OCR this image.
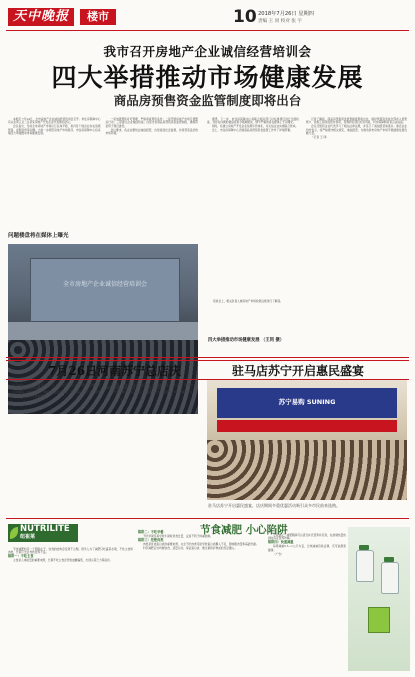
天中晚报	楼市	10 2018年7月26日 星期四
责编 王 同 校对 张 宇
我市召开房地产企业诚信经营培训会
四大举措推动市场健康发展
商品房预售资金监管制度即将出台

本报讯 7月24日，全市房地产企业诚信经营培训会召开。市住房保障中心有关负责人及二百余家房地产开发企业代表参加会议。

会议指出，当前全市房地产市场运行总体平稳，但仍有个别企业存在违规预售、虚假宣传等问题。为进一步规范房地产市场秩序，市住房保障中心将采取四大举措推动市场健康发展。

一是加强预售许可管理，严格审查预售条件；二是开展房地产市场专项整治行动；三是建立企业诚信档案；四是出台商品房预售资金监管制度，确保资金用于项目建设。

会议要求，各企业要依法诚信经营，自觉接受社会监督，共同营造良好的市场环境。

问题楼盘将在媒体上曝光

据悉，下一步，市住房保障中心将联合相关部门对在建项目进行全面检查，对存在问题的楼盘将责令限期整改，情节严重的将在媒体上予以曝光。

同时，将建立房地产开发企业信用评价体系，对失信企业实施联合惩戒。

会上，市住房保障中心还就商品房预售资金监管工作作了详细部署。

记者了解到，商品房预售资金监管制度即将出台，届时预售资金将全部存入监管账户，按照工程进度拨付使用，有效防范项目烂尾风险，切实保障购房者合法权益。

会议还组织企业代表学习了相关法律法规，并签订了诚信经营承诺书。参会企业纷纷表示，将严格遵守相关规定，诚信经营，为推动我市房地产市场平稳健康发展贡献力量。

（记者 王 同）

全市房地产企业诚信经营培训会

培训会上，相关负责人就房地产市场政策法规进行了解读。

四大举措推动市场健康发展 （王同 摄）
7月26日河南苏宁总店庆	驻马店苏宁开启惠民盛宴

7月26日—29日，河南苏宁总店庆，驻马店苏宁各门店将同步开启惠民盛宴，多重优惠福利让利消费者。

活动期间，家电、手机、电脑等商品全场优惠，部分商品直降千元。消费者到店即可领取店庆专属优惠券。

据介绍，此次店庆活动力度空前，苏宁易购将联合各大品牌厂商推出一系列特价商品，并提供送货上门、免费安装等服务。

苏宁易购相关负责人表示，希望通过此次活动回馈广大消费者的支持与厚爱。

（记者 王 同）	苏宁易购 SUNING
驻马店苏宁开启惠民盛宴，店庆期间多重优惠活动吸引众多市民前来选购。
NUTRILITE
纽崔莱
节食减肥 小心陷阱

节食减肥的另一个陷阱在于，饮食的结构会变得不合理。很多人为了减肥只吃蔬菜水果，不吃主食和肉类，长期下去会导致营养不良。

陷阱一：不吃主食

主食是人体能量的重要来源，长期不吃主食会导致血糖偏低，出现头晕乏力等症状。

陷阱二：不吃早餐

不吃早餐容易导致午餐时进食过量，反而不利于体重控制。

陷阱三：拒绝肉类

肉类是优质蛋白质的重要来源，完全不吃肉类可能导致蛋白质摄入不足，影响肌肉量和基础代谢。

科学减肥应该均衡饮食、适量运动，保证蛋白质、维生素和矿物质的充足摄入。

专家建议，减肥期间可以适当补充营养补充剂，在控制热量的同时保证营养均衡。

陷阱四：快速减重

每周减重0.5—1公斤为宜，过快减重容易反弹，还可能损害健康。

（广告）
